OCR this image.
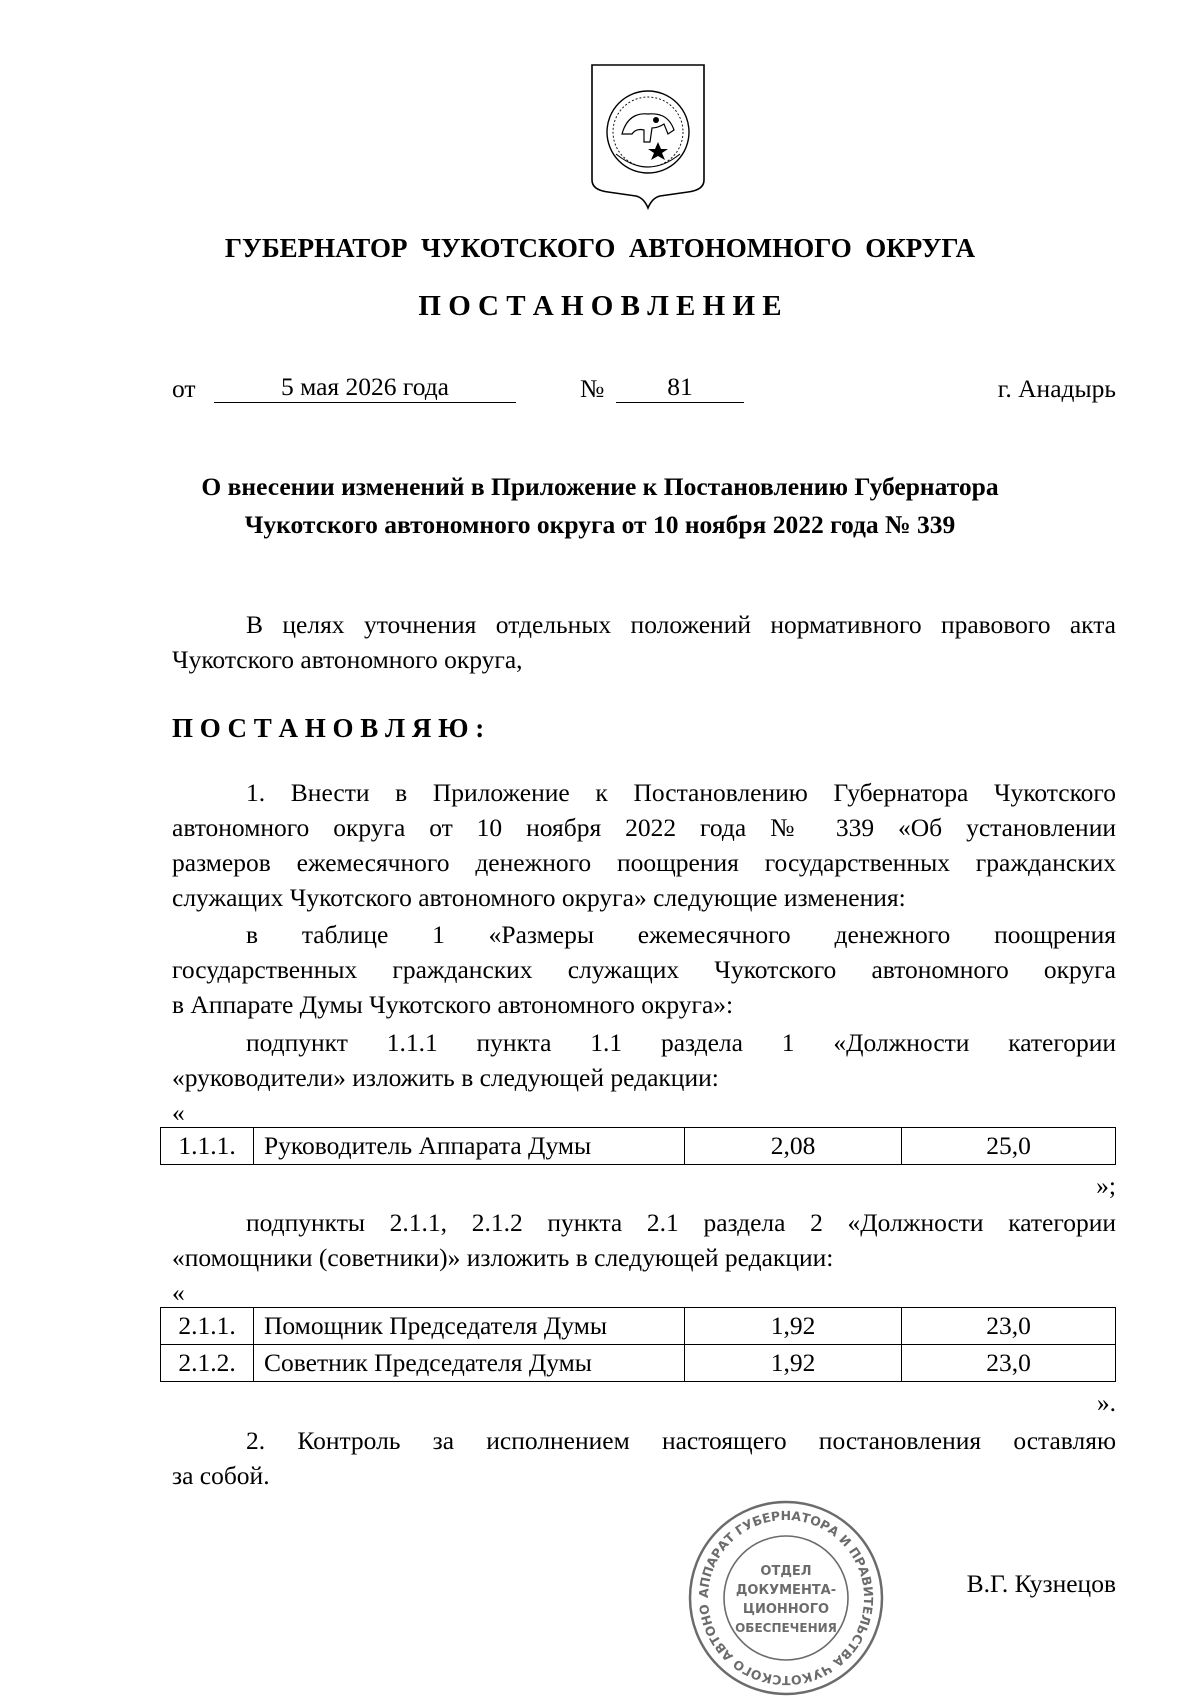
ГУБЕРНАТОР  ЧУКОТСКОГО  АВТОНОМНОГО  ОКРУГА
П О С Т А Н О В Л Е Н И Е
от	5 мая 2026 года	№	81	г. Анадырь
О внесении изменений в Приложение к Постановлению Губернатора
Чукотского автономного округа от 10 ноября 2022 года № 339
В целях уточнения отдельных положений нормативного правового акта
Чукотского автономного округа,
П О С Т А Н О В Л Я Ю :
1. Внести в Приложение к Постановлению Губернатора Чукотского
автономного округа от 10 ноября 2022 года № 339 «Об установлении
размеров ежемесячного денежного поощрения государственных гражданских
служащих Чукотского автономного округа» следующие изменения:
в таблице 1 «Размеры ежемесячного денежного поощрения
государственных гражданских служащих Чукотского автономного округа
в Аппарате Думы Чукотского автономного округа»:
подпункт 1.1.1 пункта 1.1 раздела 1 «Должности категории
«руководители» изложить в следующей редакции:
«
1.1.1.	Руководитель Аппарата Думы	2,08	25,0
»;
подпункты 2.1.1, 2.1.2 пункта 2.1 раздела 2 «Должности категории
«помощники (советники)» изложить в следующей редакции:
«
2.1.1.	Помощник Председателя Думы	1,92	23,0
2.1.2.	Советник Председателя Думы	1,92	23,0
».
2. Контроль за исполнением настоящего постановления оставляю
за собой.
АППАРАТ ГУБЕРНАТОРА И ПРАВИТЕЛЬСТВА ЧУКОТСКОГО АВТОНО
ОТДЕЛ
ДОКУМЕНТА-
ЦИОННОГО
ОБЕСПЕЧЕНИЯ
В.Г. Кузнецов
